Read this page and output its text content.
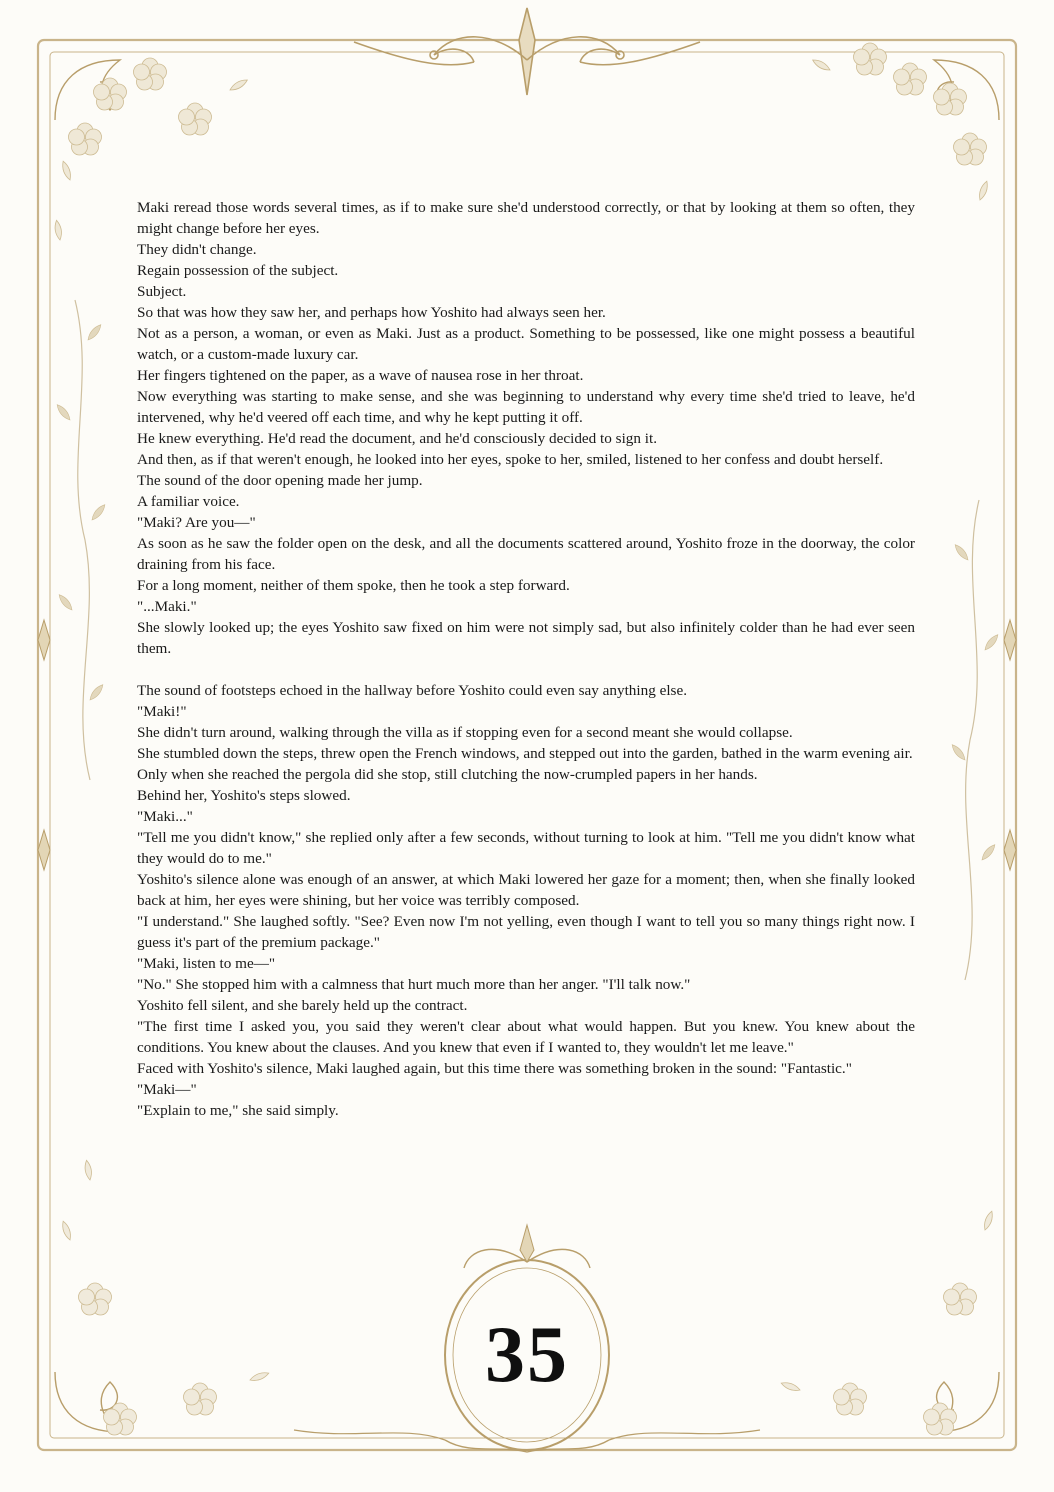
Maki reread those words several times, as if to make sure she'd understood correctly, or that by looking at them so often, they might change before her eyes.

They didn't change.

Regain possession of the subject.

Subject.

So that was how they saw her, and perhaps how Yoshito had always seen her.

Not as a person, a woman, or even as Maki. Just as a product. Something to be possessed, like one might possess a beautiful watch, or a custom-made luxury car.

Her fingers tightened on the paper, as a wave of nausea rose in her throat.

Now everything was starting to make sense, and she was beginning to understand why every time she'd tried to leave, he'd intervened, why he'd veered off each time, and why he kept putting it off.

He knew everything. He'd read the document, and he'd consciously decided to sign it.

And then, as if that weren't enough, he looked into her eyes, spoke to her, smiled, listened to her confess and doubt herself.

The sound of the door opening made her jump.

A familiar voice.

"Maki? Are you—"

As soon as he saw the folder open on the desk, and all the documents scattered around, Yoshito froze in the doorway, the color draining from his face.

For a long moment, neither of them spoke, then he took a step forward.

"...Maki."

She slowly looked up; the eyes Yoshito saw fixed on him were not simply sad, but also infinitely colder than he had ever seen them.

The sound of footsteps echoed in the hallway before Yoshito could even say anything else.

"Maki!"

She didn't turn around, walking through the villa as if stopping even for a second meant she would collapse.

She stumbled down the steps, threw open the French windows, and stepped out into the garden, bathed in the warm evening air.

Only when she reached the pergola did she stop, still clutching the now-crumpled papers in her hands.

Behind her, Yoshito's steps slowed.

"Maki..."

"Tell me you didn't know," she replied only after a few seconds, without turning to look at him. "Tell me you didn't know what they would do to me."

Yoshito's silence alone was enough of an answer, at which Maki lowered her gaze for a moment; then, when she finally looked back at him, her eyes were shining, but her voice was terribly composed.

"I understand." She laughed softly. "See? Even now I'm not yelling, even though I want to tell you so many things right now. I guess it's part of the premium package."

"Maki, listen to me—"

"No." She stopped him with a calmness that hurt much more than her anger. "I'll talk now."

Yoshito fell silent, and she barely held up the contract.

"The first time I asked you, you said they weren't clear about what would happen. But you knew. You knew about the conditions. You knew about the clauses. And you knew that even if I wanted to, they wouldn't let me leave."

Faced with Yoshito's silence, Maki laughed again, but this time there was something broken in the sound: "Fantastic."

"Maki—"

"Explain to me," she said simply.

35
